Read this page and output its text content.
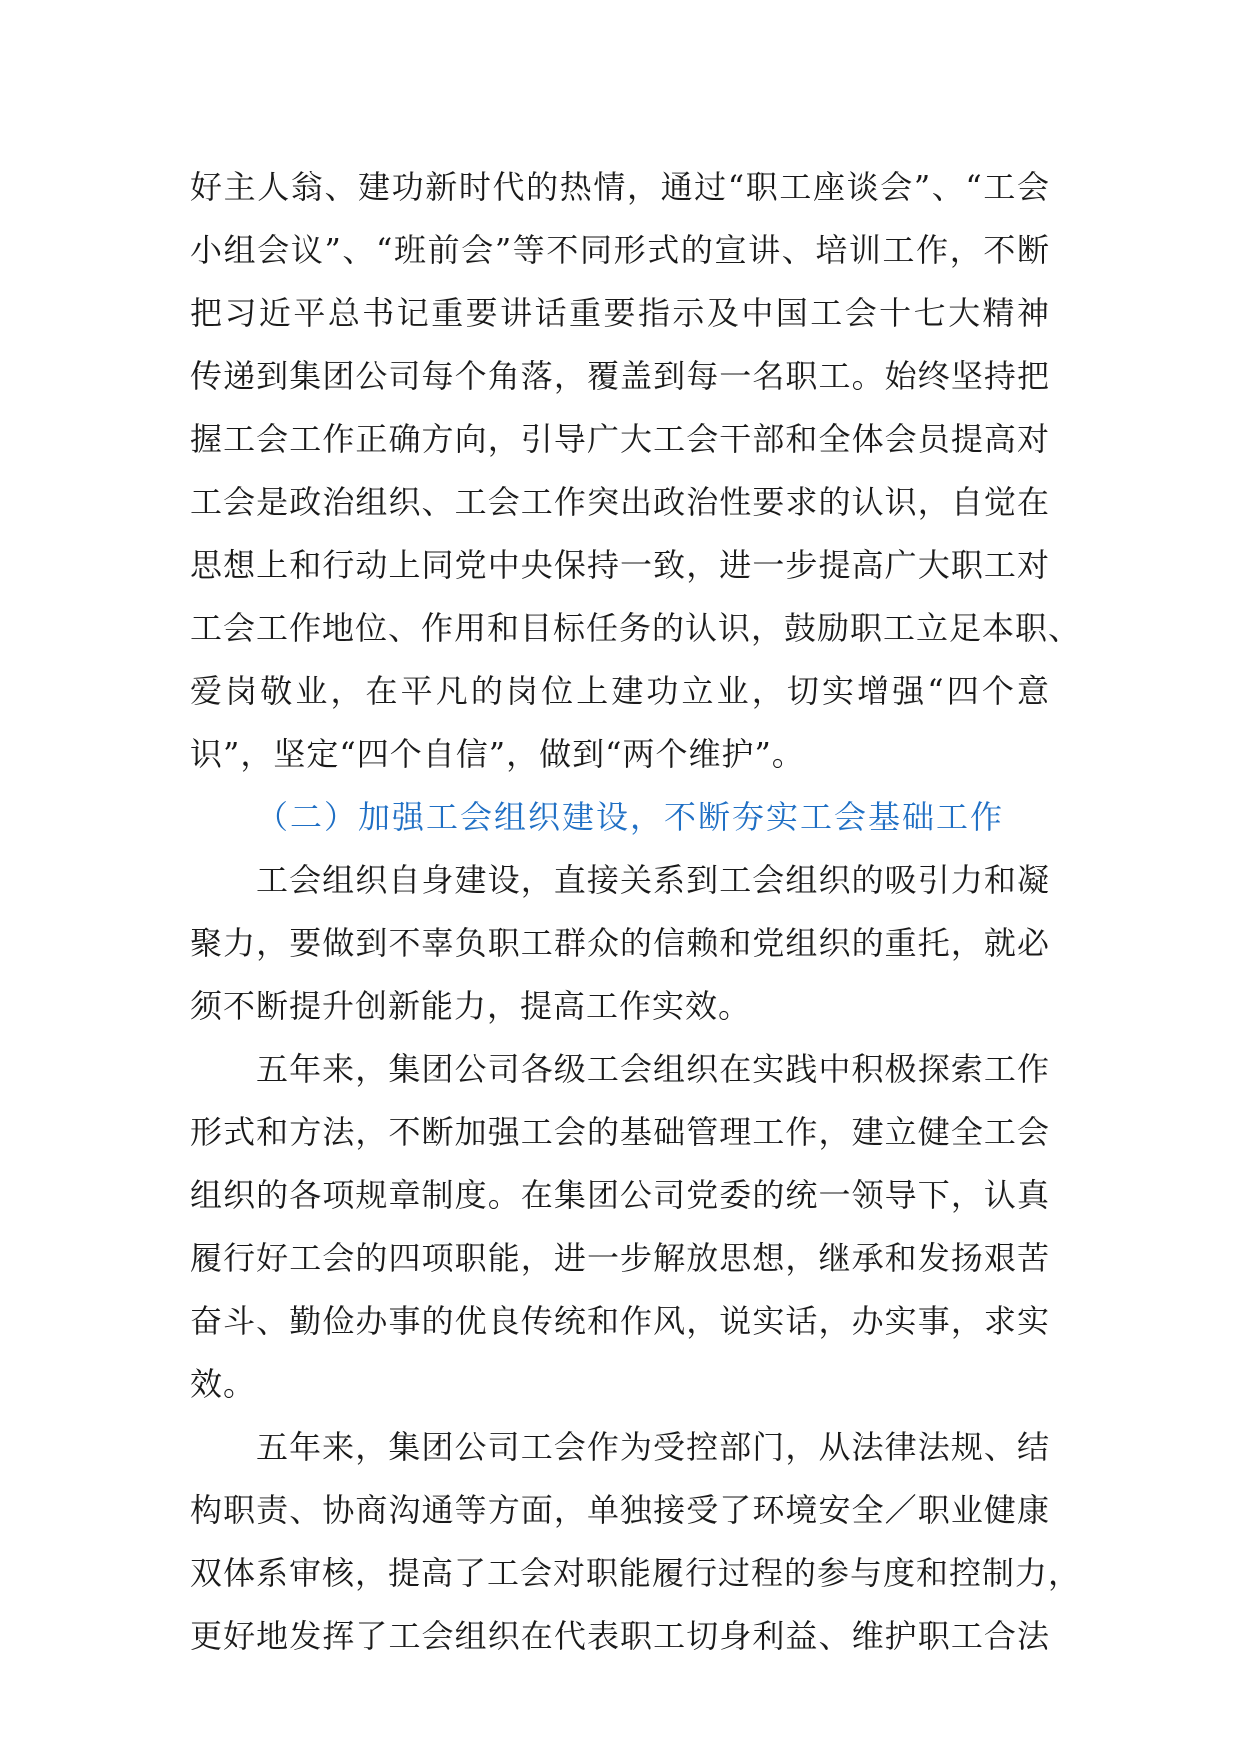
好主人翁、建功新时代的热情，通过“职工座谈会”、“工会
小组会议”、“班前会”等不同形式的宣讲、培训工作，不断
把习近平总书记重要讲话重要指示及中国工会十七大精神
传递到集团公司每个角落，覆盖到每一名职工。始终坚持把
握工会工作正确方向，引导广大工会干部和全体会员提高对
工会是政治组织、工会工作突出政治性要求的认识，自觉在
思想上和行动上同党中央保持一致，进一步提高广大职工对
工会工作地位、作用和目标任务的认识，鼓励职工立足本职、
爱岗敬业，在平凡的岗位上建功立业，切实增强“四个意
识”，坚定“四个自信”，做到“两个维护”。
（二）加强工会组织建设，不断夯实工会基础工作
工会组织自身建设，直接关系到工会组织的吸引力和凝
聚力，要做到不辜负职工群众的信赖和党组织的重托，就必
须不断提升创新能力，提高工作实效。
五年来，集团公司各级工会组织在实践中积极探索工作
形式和方法，不断加强工会的基础管理工作，建立健全工会
组织的各项规章制度。在集团公司党委的统一领导下，认真
履行好工会的四项职能，进一步解放思想，继承和发扬艰苦
奋斗、勤俭办事的优良传统和作风，说实话，办实事，求实
效。
五年来，集团公司工会作为受控部门，从法律法规、结
构职责、协商沟通等方面，单独接受了环境安全／职业健康
双体系审核，提高了工会对职能履行过程的参与度和控制力，
更好地发挥了工会组织在代表职工切身利益、维护职工合法
